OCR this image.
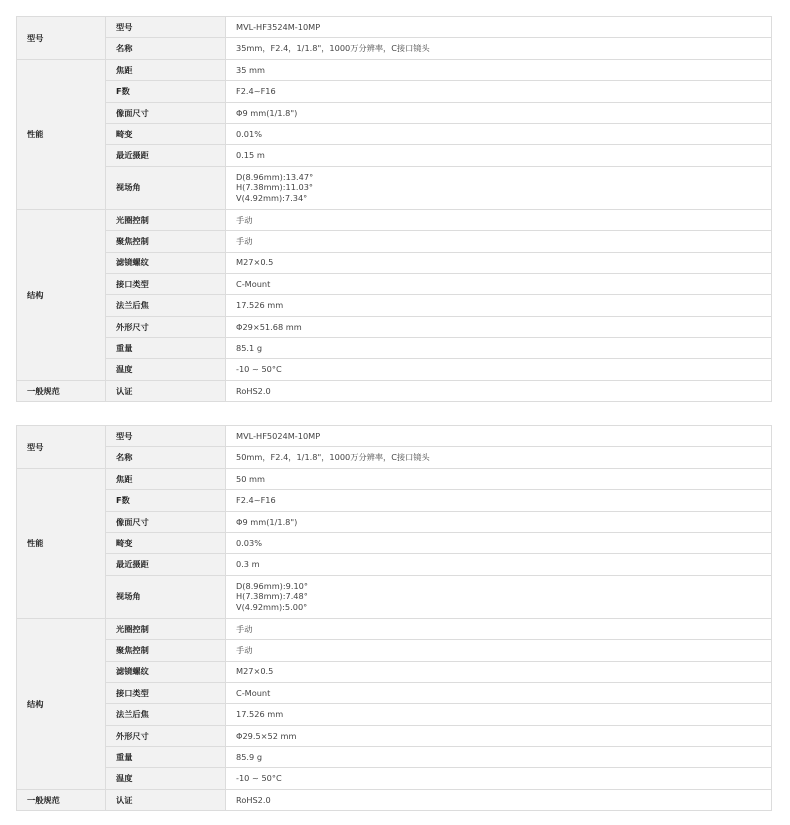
型号	型号	MVL-HF3524M-10MP

	名称	35mm，F2.4，1/1.8"，1000万分辨率，C接口镜头

性能	焦距	35 mm

	F数	F2.4~F16

	像面尺寸	Φ9 mm(1/1.8")

	畸变	0.01%

	最近摄距	0.15 m

	视场角	D(8.96mm):13.47°
H(7.38mm):11.03°
V(4.92mm):7.34°

结构	光圈控制	手动

	聚焦控制	手动

	滤镜螺纹	M27×0.5

	接口类型	C-Mount

	法兰后焦	17.526 mm

	外形尺寸	Φ29×51.68 mm

	重量	85.1 g

	温度	-10 ~ 50°C

一般规范	认证	RoHS2.0
型号	型号	MVL-HF5024M-10MP

	名称	50mm，F2.4，1/1.8"，1000万分辨率，C接口镜头

性能	焦距	50 mm

	F数	F2.4~F16

	像面尺寸	Φ9 mm(1/1.8")

	畸变	0.03%

	最近摄距	0.3 m

	视场角	D(8.96mm):9.10°
H(7.38mm):7.48°
V(4.92mm):5.00°

结构	光圈控制	手动

	聚焦控制	手动

	滤镜螺纹	M27×0.5

	接口类型	C-Mount

	法兰后焦	17.526 mm

	外形尺寸	Φ29.5×52 mm

	重量	85.9 g

	温度	-10 ~ 50°C

一般规范	认证	RoHS2.0
